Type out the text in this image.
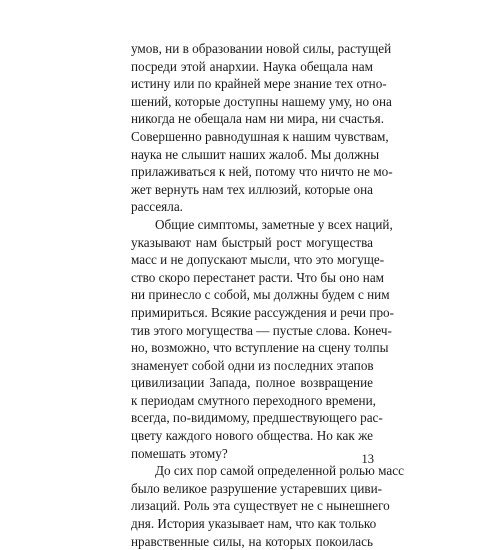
умов, ни в образовании новой силы, растущей
посреди этой анархии. Наука обещала нам
истину или по крайней мере знание тех отно-
шений, которые доступны нашему уму, но она
никогда не обещала нам ни мира, ни счастья.
Совершенно равнодушная к нашим чувствам,
наука не слышит наших жалоб. Мы должны
прилаживаться к ней, потому что ничто не мо-
жет вернуть нам тех иллюзий, которые она
рассеяла.
Общие симптомы, заметные у всех наций,
указывают нам быстрый рост могущества
масс и не допускают мысли, что это могуще-
ство скоро перестанет расти. Что бы оно нам
ни принесло с собой, мы должны будем с ним
примириться. Всякие рассуждения и речи про-
тив этого могущества — пустые слова. Конеч-
но, возможно, что вступление на сцену толпы
знаменует собой одни из последних этапов
цивилизации Запада, полное возвращение
к периодам смутного переходного времени,
всегда, по-видимому, предшествующего рас-
цвету каждого нового общества. Но как же
помешать этому?
До сих пор самой определенной ролью масс
было великое разрушение устаревших циви-
лизаций. Роль эта существует не с нынешнего
дня. История указывает нам, что как только
нравственные силы, на которых покоилась
13
